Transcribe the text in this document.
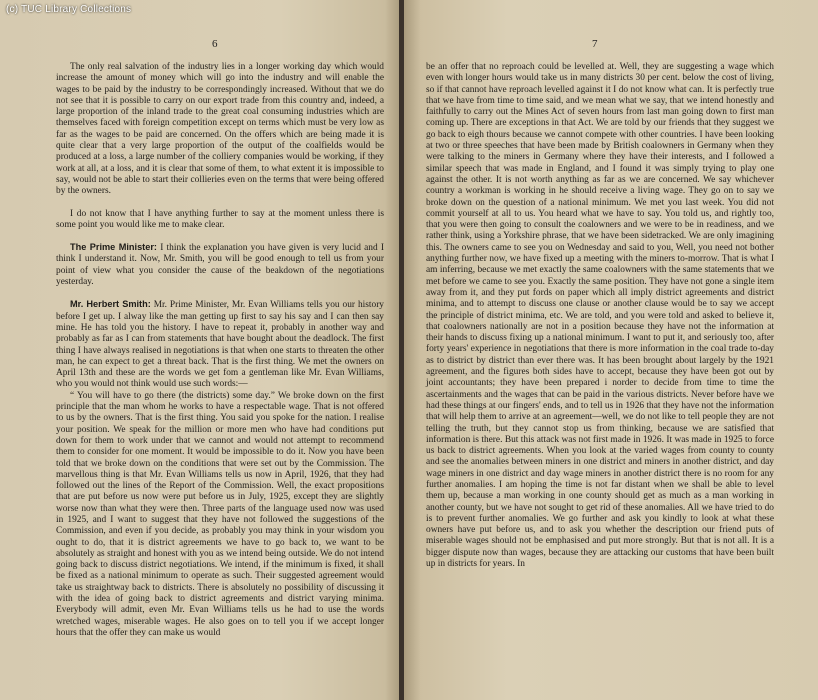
6

The only real salvation of the industry lies in a longer working day which would increase the amount of money which will go into the industry and will enable the wages to be paid by the industry to be correspondingly increased. Without that we do not see that it is possible to carry on our export trade from this country and, indeed, a large proportion of the inland trade to the great coal consuming industries which are themselves faced with foreign competition except on terms which must be very low as far as the wages to be paid are concerned. On the offers which are being made it is quite clear that a very large proportion of the output of the coalfields would be produced at a loss, a large number of the colliery companies would be working, if they work at all, at a loss, and it is clear that some of them, to what extent it is impossible to say, would not be able to start their collieries even on the terms that were being offered by the owners.

I do not know that I have anything further to say at the moment unless there is some point you would like me to make clear.

The Prime Minister: I think the explanation you have given is very lucid and I think I understand it. Now, Mr. Smith, you will be good enough to tell us from your point of view what you consider the cause of the beakdown of the negotiations yesterday.

Mr. Herbert Smith: Mr. Prime Minister, Mr. Evan Williams tells you our history before I get up. I alway like the man getting up first to say his say and I can then say mine. He has told you the history. I have to repeat it, probably in another way and probably as far as I can from statements that have bought about the deadlock. The first thing I have always realised in negotiations is that when one starts to threaten the other man, he can expect to get a threat back. That is the first thing. We met the owners on April 13th and these are the words we get fom a gentleman like Mr. Evan Williams, who you would not think would use such words:—

“ You will have to go there (the districts) some day.” We broke down on the first principle that the man whom he works to have a respectable wage. That is not offered to us by the owners. That is the first thing. You said you spoke for the nation. I realise your position. We speak for the million or more men who have had conditions put down for them to work under that we cannot and would not attempt to recommend them to consider for one moment. It would be impossible to do it. Now you have been told that we broke down on the conditions that were set out by the Commission. The marvellous thing is that Mr. Evan Williams tells us now in April, 1926, that they had followed out the lines of the Report of the Commission. Well, the exact propositions that are put before us now were put before us in July, 1925, except they are slightly worse now than what they were then. Three parts of the language used now was used in 1925, and I want to suggest that they have not followed the suggestions of the Commission, and even if you decide, as probably you may think in your wisdom you ought to do, that it is district agreements we have to go back to, we want to be absolutely as straight and honest with you as we intend being outside. We do not intend going back to discuss district negotiations. We intend, if the minimum is fixed, it shall be fixed as a national minimum to operate as such. Their suggested agreement would take us straightway back to districts. There is absolutely no possibility of discussing it with the idea of going back to district agreements and district varying minima. Everybody will admit, even Mr. Evan Williams tells us he had to use the words wretched wages, miserable wages. He also goes on to tell you if we accept longer hours that the offer they can make us would

7

be an offer that no reproach could be levelled at. Well, they are suggesting a wage which even with longer hours would take us in many districts 30 per cent. below the cost of living, so if that cannot have reproach levelled against it I do not know what can. It is perfectly true that we have from time to time said, and we mean what we say, that we intend honestly and faithfully to carry out the Mines Act of seven hours from last man going down to first man coming up. There are exceptions in that Act. We are told by our friends that they suggest we go back to eigh thours because we cannot compete with other countries. I have been looking at two or three speeches that have been made by British coalowners in Germany when they were talking to the miners in Germany where they have their interests, and I followed a similar speech that was made in England, and I found it was simply trying to play one against the other. It is not worth anything as far as we are concerned. We say whichever country a workman is working in he should receive a living wage. They go on to say we broke down on the question of a national minimum. We met you last week. You did not commit yourself at all to us. You heard what we have to say. You told us, and rightly too, that you were then going to consult the coalowners and we were to be in readiness, and we rather think, using a Yorkshire phrase, that we have been sidetracked. We are only imagining this. The owners came to see you on Wednesday and said to you, Well, you need not bother anything further now, we have fixed up a meeting with the miners to-morrow. That is what I am inferring, because we met exactly the same coalowners with the same statements that we met before we came to see you. Exactly the same position. They have not gone a single item away from it, and they put fords on paper which all imply district agreements and district minima, and to attempt to discuss one clause or another clause would be to say we accept the principle of district minima, etc. We are told, and you were told and asked to believe it, that coalowners nationally are not in a position because they have not the information at their hands to discuss fixing up a national minimum. I want to put it, and seriously too, after forty years' experience in negotiations that there is more information in the coal trade to-day as to district by district than ever there was. It has been brought about largely by the 1921 agreement, and the figures both sides have to accept, because they have been got out by joint accountants; they have been prepared i norder to decide from time to time the ascertainments and the wages that can be paid in the various districts. Never before have we had these things at our fingers' ends, and to tell us in 1926 that they have not the information that will help them to arrive at an agreement—well, we do not like to tell people they are not telling the truth, but they cannot stop us from thinking, because we are satisfied that information is there. But this attack was not first made in 1926. It was made in 1925 to force us back to district agreements. When you look at the varied wages from county to county and see the anomalies between miners in one district and miners in another district, and day wage miners in one district and day wage miners in another district there is no room for any further anomalies. I am hoping the time is not far distant when we shall be able to level them up, because a man working in one county should get as much as a man working in another county, but we have not sought to get rid of these anomalies. All we have tried to do is to prevent further anomalies. We go further and ask you kindly to look at what these owners have put before us, and to ask you whether the description our friend puts of miserable wages should not be emphasised and put more strongly. But that is not all. It is a bigger dispute now than wages, because they are attacking our customs that have been built up in districts for years. In

(c) TUC Library Collections
